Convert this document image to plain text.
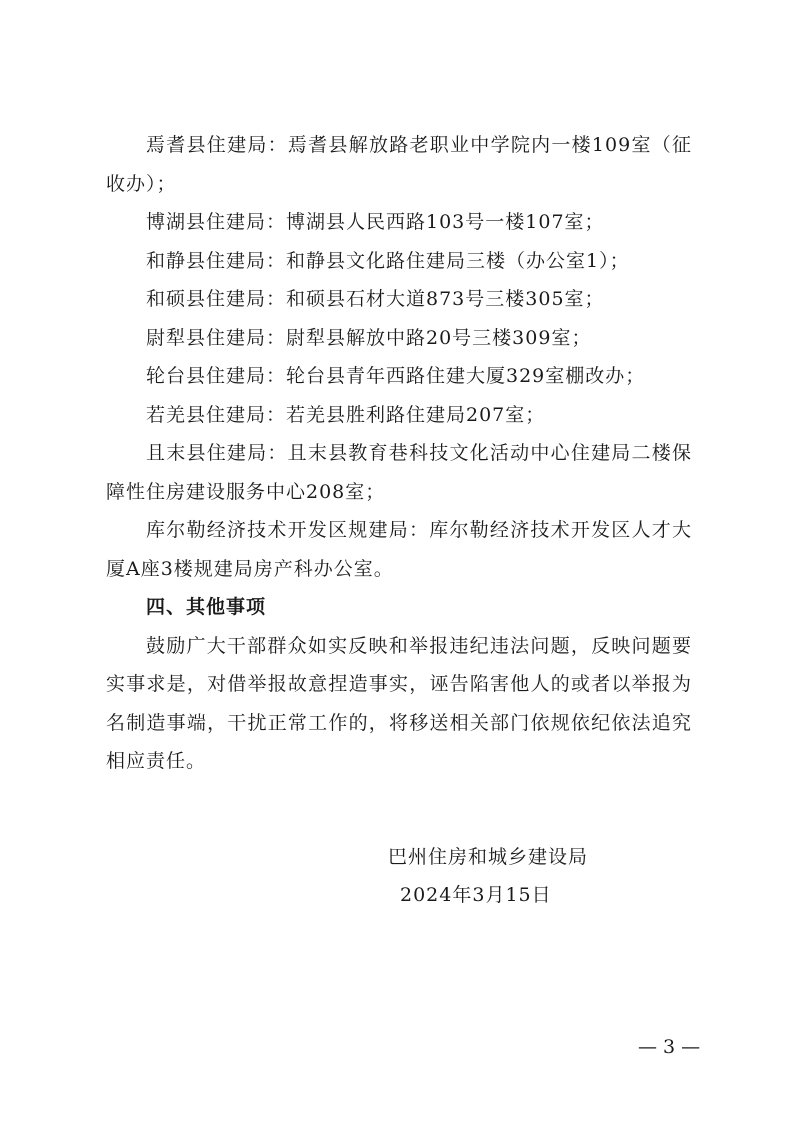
焉耆县住建局：焉耆县解放路老职业中学院内一楼109室（征收办）；

博湖县住建局：博湖县人民西路103号一楼107室；

和静县住建局：和静县文化路住建局三楼（办公室1）；

和硕县住建局：和硕县石材大道873号三楼305室；

尉犁县住建局：尉犁县解放中路20号三楼309室；

轮台县住建局：轮台县青年西路住建大厦329室棚改办；

若羌县住建局：若羌县胜利路住建局207室；

且末县住建局：且末县教育巷科技文化活动中心住建局二楼保障性住房建设服务中心208室；

库尔勒经济技术开发区规建局：库尔勒经济技术开发区人才大厦A座3楼规建局房产科办公室。

四、其他事项

鼓励广大干部群众如实反映和举报违纪违法问题，反映问题要实事求是，对借举报故意捏造事实，诬告陷害他人的或者以举报为名制造事端，干扰正常工作的，将移送相关部门依规依纪依法追究相应责任。

巴州住房和城乡建设局
2024年3月15日
— 3 —
